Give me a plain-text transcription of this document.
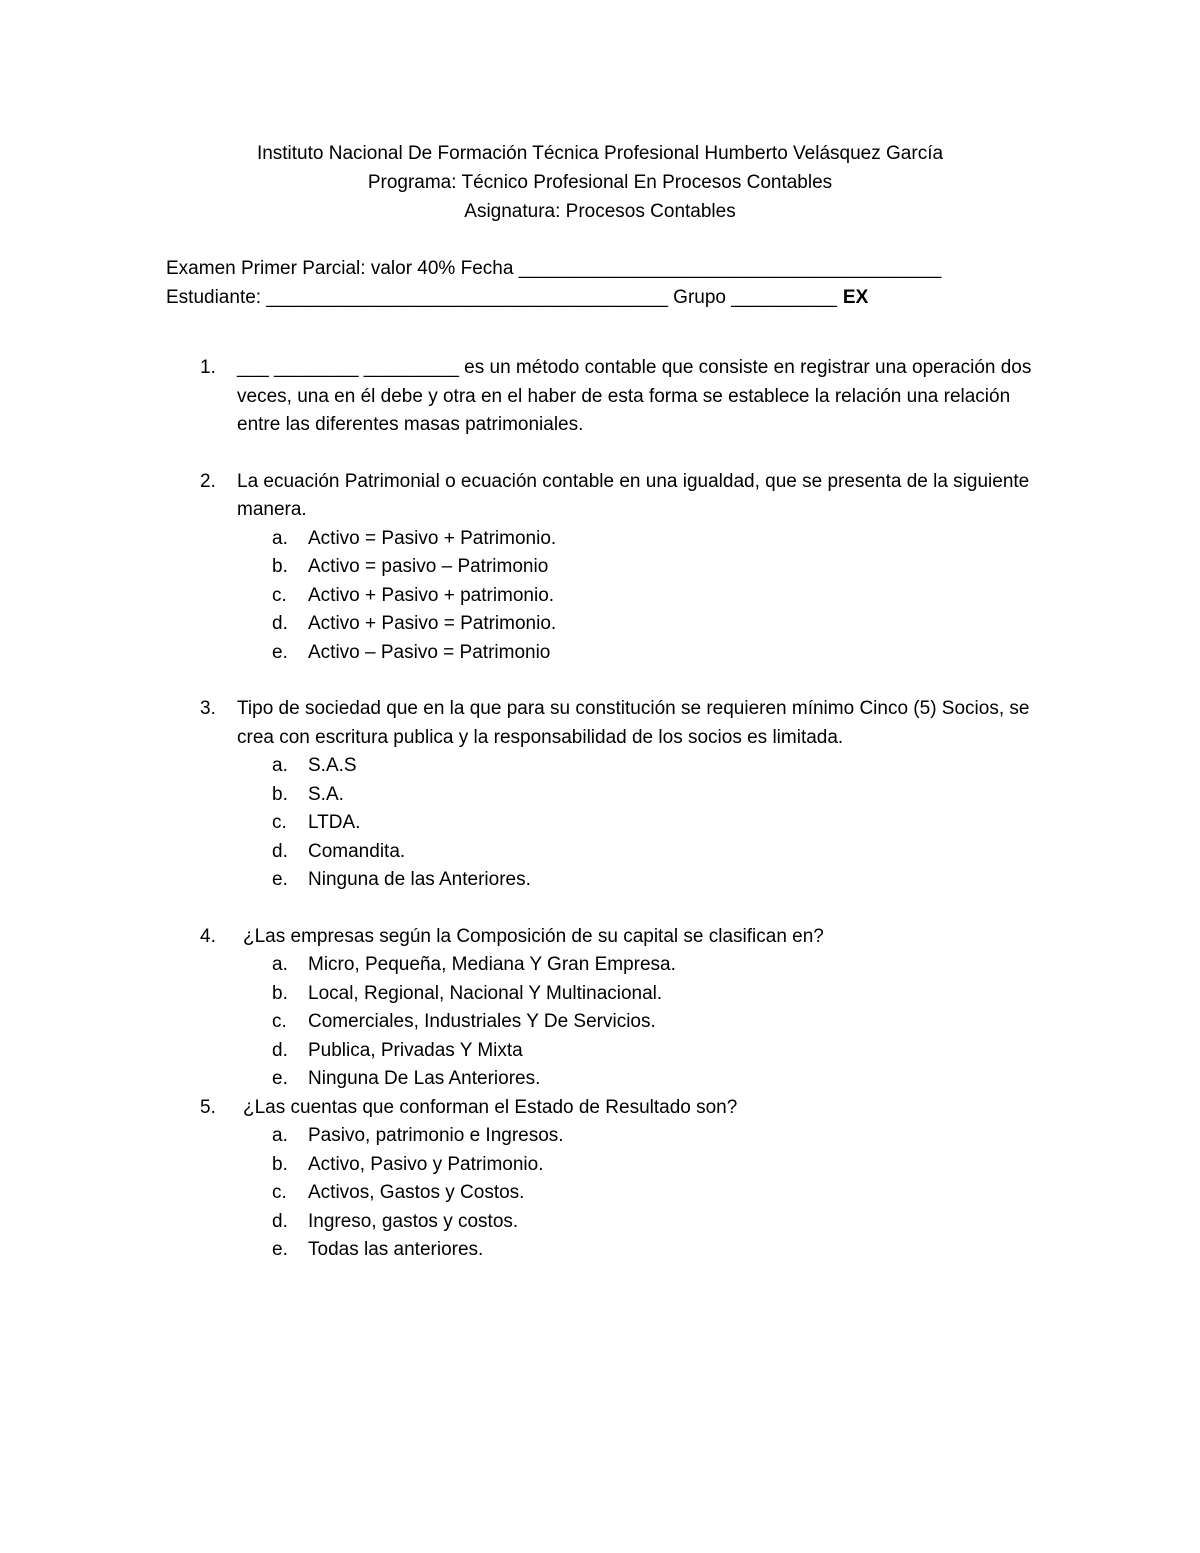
Instituto Nacional De Formación Técnica Profesional Humberto Velásquez García
Programa: Técnico Profesional En Procesos Contables
Asignatura: Procesos Contables
Examen Primer Parcial: valor 40% Fecha ________________________________________
Estudiante: ______________________________________ Grupo __________ EX
1. ___ ________ _________ es un método contable que consiste en registrar una operación dos veces, una en él debe y otra en el haber de esta forma se establece la relación una relación entre las diferentes masas patrimoniales.
2. La ecuación Patrimonial o ecuación contable en una igualdad, que se presenta de la siguiente manera.
a. Activo = Pasivo + Patrimonio.
b. Activo = pasivo – Patrimonio
c. Activo + Pasivo + patrimonio.
d. Activo + Pasivo = Patrimonio.
e. Activo – Pasivo = Patrimonio
3. Tipo de sociedad que en la que para su constitución se requieren mínimo Cinco (5) Socios, se crea con escritura publica y la responsabilidad de los socios es limitada.
a. S.A.S
b. S.A.
c. LTDA.
d. Comandita.
e. Ninguna de las Anteriores.
4.	¿Las empresas según la Composición de su capital se clasifican en?
a. Micro, Pequeña, Mediana Y Gran Empresa.
b. Local, Regional, Nacional Y Multinacional.
c. Comerciales, Industriales Y De Servicios.
d. Publica, Privadas Y Mixta
e. Ninguna De Las Anteriores.
5.	¿Las cuentas que conforman el Estado de Resultado son?
a. Pasivo, patrimonio e Ingresos.
b. Activo, Pasivo y Patrimonio.
c. Activos, Gastos y Costos.
d. Ingreso, gastos y costos.
e. Todas las anteriores.
